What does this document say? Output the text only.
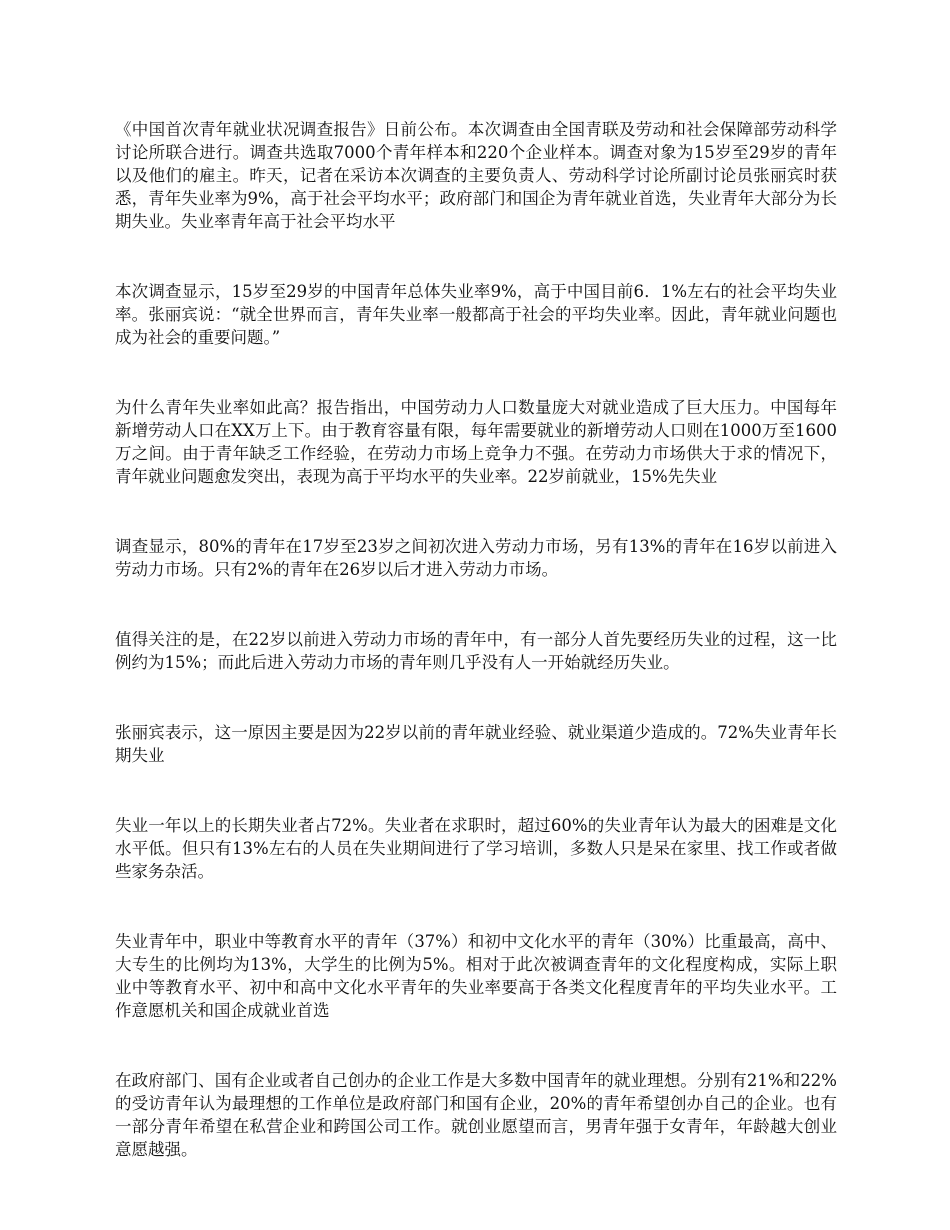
《中国首次青年就业状况调查报告》日前公布。本次调查由全国青联及劳动和社会保障部劳动科学讨论所联合进行。调查共选取7000个青年样本和220个企业样本。调查对象为15岁至29岁的青年以及他们的雇主。昨天，记者在采访本次调查的主要负责人、劳动科学讨论所副讨论员张丽宾时获悉，青年失业率为9%，高于社会平均水平；政府部门和国企为青年就业首选，失业青年大部分为长期失业。失业率青年高于社会平均水平

本次调查显示，15岁至29岁的中国青年总体失业率9%，高于中国目前6．1%左右的社会平均失业率。张丽宾说：“就全世界而言，青年失业率一般都高于社会的平均失业率。因此，青年就业问题也成为社会的重要问题。”

为什么青年失业率如此高？报告指出，中国劳动力人口数量庞大对就业造成了巨大压力。中国每年新增劳动人口在XX万上下。由于教育容量有限，每年需要就业的新增劳动人口则在1000万至1600万之间。由于青年缺乏工作经验，在劳动力市场上竞争力不强。在劳动力市场供大于求的情况下，青年就业问题愈发突出，表现为高于平均水平的失业率。22岁前就业，15%先失业

调查显示，80%的青年在17岁至23岁之间初次进入劳动力市场，另有13%的青年在16岁以前进入劳动力市场。只有2%的青年在26岁以后才进入劳动力市场。

值得关注的是，在22岁以前进入劳动力市场的青年中，有一部分人首先要经历失业的过程，这一比例约为15%；而此后进入劳动力市场的青年则几乎没有人一开始就经历失业。

张丽宾表示，这一原因主要是因为22岁以前的青年就业经验、就业渠道少造成的。72%失业青年长期失业

失业一年以上的长期失业者占72%。失业者在求职时，超过60%的失业青年认为最大的困难是文化水平低。但只有13%左右的人员在失业期间进行了学习培训，多数人只是呆在家里、找工作或者做些家务杂活。

失业青年中，职业中等教育水平的青年（37%）和初中文化水平的青年（30%）比重最高，高中、大专生的比例均为13%，大学生的比例为5%。相对于此次被调查青年的文化程度构成，实际上职业中等教育水平、初中和高中文化水平青年的失业率要高于各类文化程度青年的平均失业水平。工作意愿机关和国企成就业首选

在政府部门、国有企业或者自己创办的企业工作是大多数中国青年的就业理想。分别有21%和22%的受访青年认为最理想的工作单位是政府部门和国有企业，20%的青年希望创办自己的企业。也有一部分青年希望在私营企业和跨国公司工作。就创业愿望而言，男青年强于女青年，年龄越大创业意愿越强。
